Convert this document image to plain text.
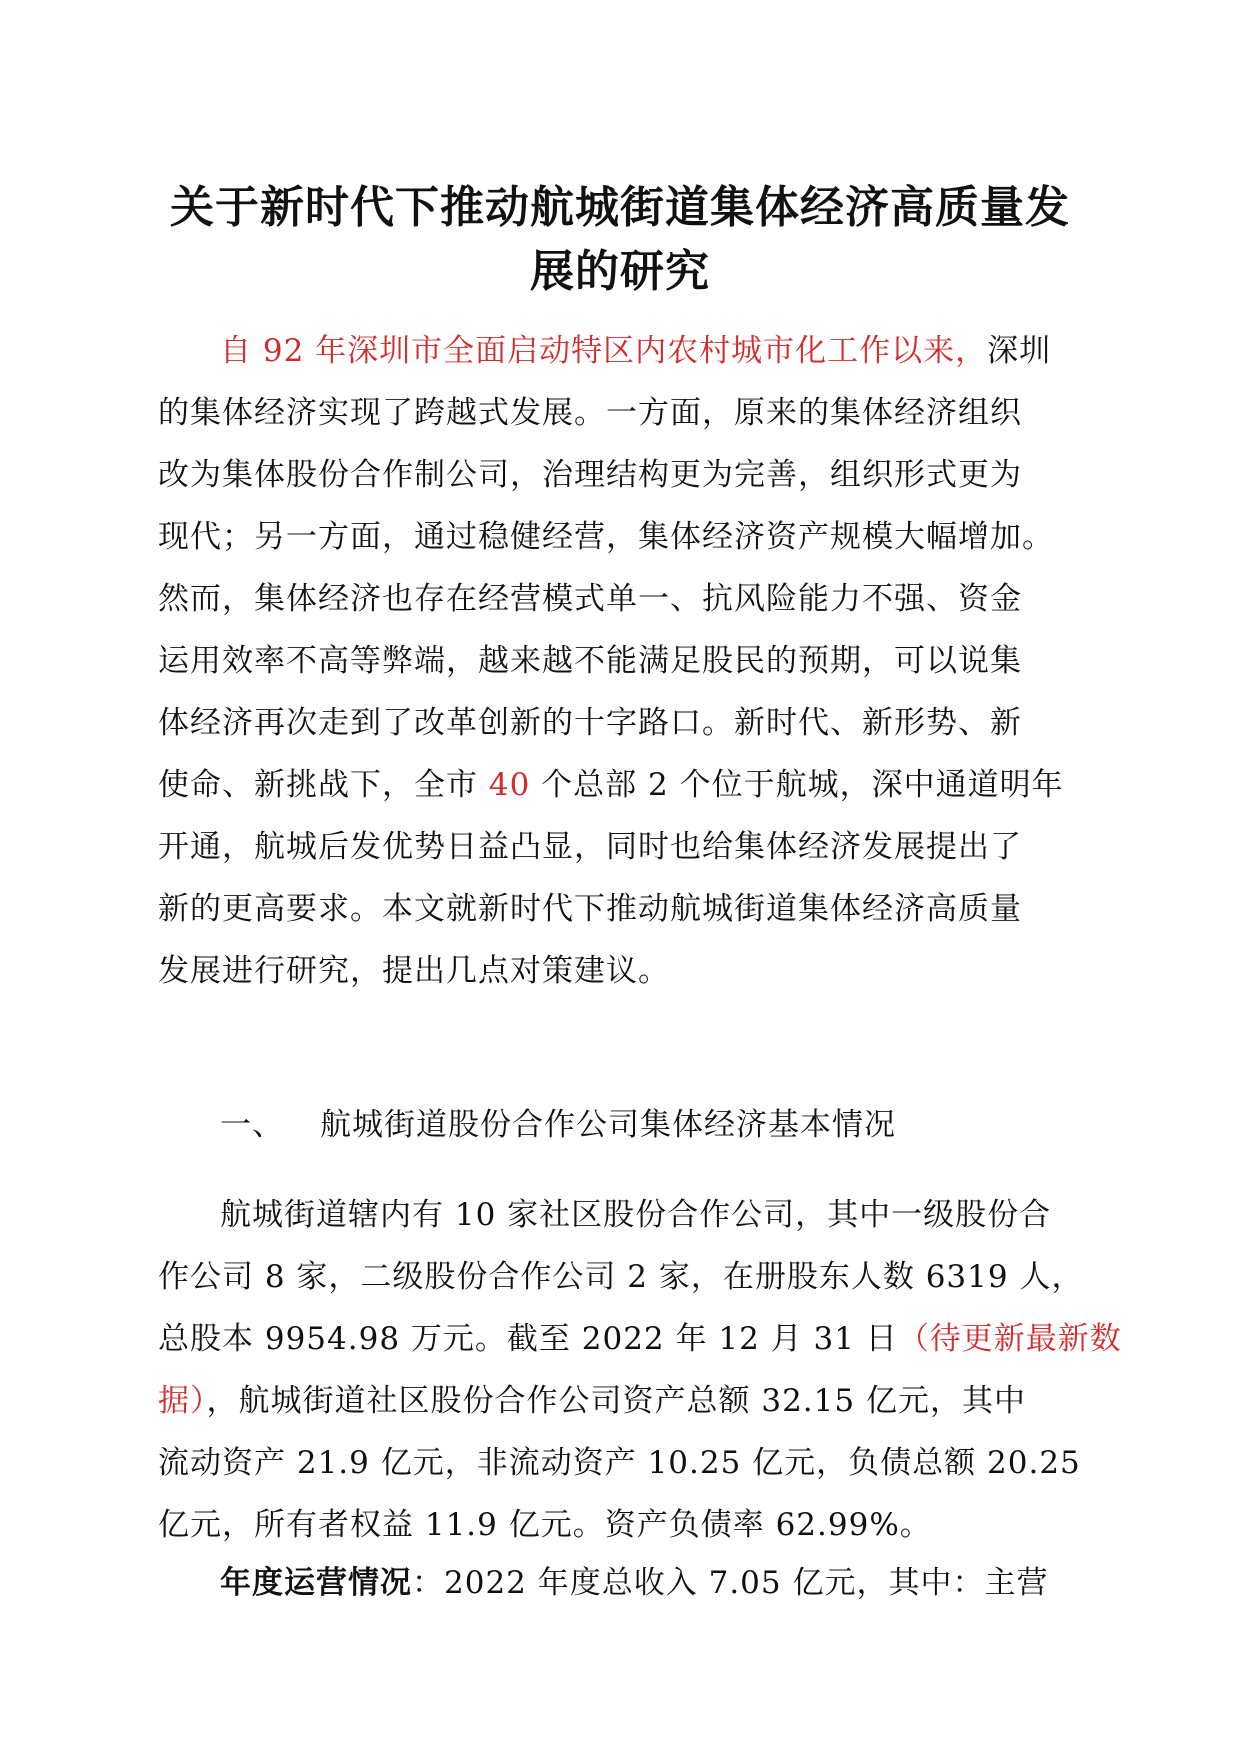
关于新时代下推动航城街道集体经济高质量发
展的研究
自 92 年深圳市全面启动特区内农村城市化工作以来，深圳
的集体经济实现了跨越式发展。一方面，原来的集体经济组织
改为集体股份合作制公司，治理结构更为完善，组织形式更为
现代；另一方面，通过稳健经营，集体经济资产规模大幅增加。
然而，集体经济也存在经营模式单一、抗风险能力不强、资金
运用效率不高等弊端，越来越不能满足股民的预期，可以说集
体经济再次走到了改革创新的十字路口。新时代、新形势、新
使命、新挑战下，全市 40 个总部 2 个位于航城，深中通道明年
开通，航城后发优势日益凸显，同时也给集体经济发展提出了
新的更高要求。本文就新时代下推动航城街道集体经济高质量
发展进行研究，提出几点对策建议。
一、 航城街道股份合作公司集体经济基本情况
航城街道辖内有 10 家社区股份合作公司，其中一级股份合
作公司 8 家，二级股份合作公司 2 家，在册股东人数 6319 人，
总股本 9954.98 万元。截至 2022 年 12 月 31 日（待更新最新数
据），航城街道社区股份合作公司资产总额 32.15 亿元，其中
流动资产 21.9 亿元，非流动资产 10.25 亿元，负债总额 20.25
亿元，所有者权益 11.9 亿元。资产负债率 62.99%。
年度运营情况：2022 年度总收入 7.05 亿元，其中：主营
